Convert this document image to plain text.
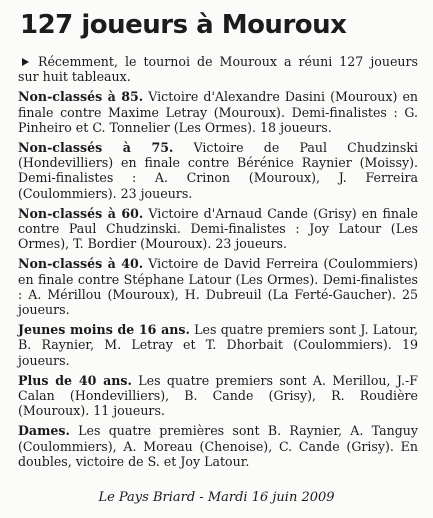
127 joueurs à Mouroux

Récemment, le tournoi de Mouroux a réuni 127 joueurs sur huit tableaux.

Non-classés à 85. Victoire d'Alexandre Dasini (Mouroux) en finale contre Maxime Letray (Mouroux). Demi-finalistes : G. Pinheiro et C. Tonnelier (Les Ormes). 18 joueurs.

Non-classés à 75. Victoire de Paul Chudzinski (Hondevilliers) en finale contre Bérénice Raynier (Moissy). Demi-finalistes : A. Crinon (Mouroux), J. Ferreira (Coulommiers). 23 joueurs.

Non-classés à 60. Victoire d'Arnaud Cande (Grisy) en finale contre Paul Chudzinski. Demi-finalistes : Joy Latour (Les Ormes), T. Bordier (Mouroux). 23 joueurs.

Non-classés à 40. Victoire de David Ferreira (Coulommiers) en finale contre Stéphane Latour (Les Ormes). Demi-finalistes : A. Mérillou (Mouroux), H. Dubreuil (La Ferté-Gaucher). 25 joueurs.

Jeunes moins de 16 ans. Les quatre premiers sont J. Latour, B. Raynier, M. Letray et T. Dhorbait (Coulommiers). 19 joueurs.

Plus de 40 ans. Les quatre premiers sont A. Merillou, J.-F Calan (Hondevilliers), B. Cande (Grisy), R. Roudière (Mouroux). 11 joueurs.

Dames. Les quatre premières sont B. Raynier, A. Tanguy (Coulommiers), A. Moreau (Chenoise), C. Cande (Grisy). En doubles, victoire de S. et Joy Latour.

Le Pays Briard - Mardi 16 juin 2009
